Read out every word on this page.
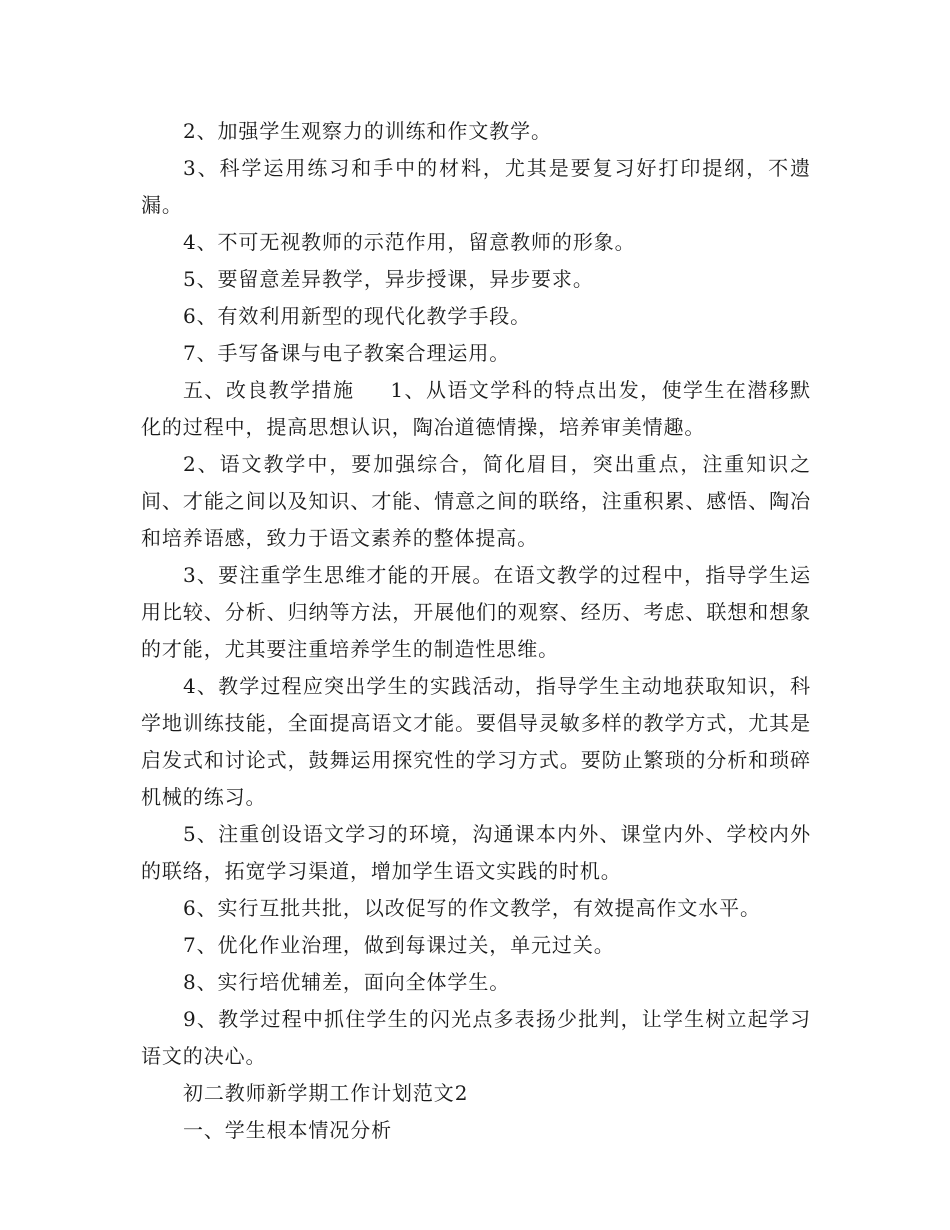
2、加强学生观察力的训练和作文教学。

3、科学运用练习和手中的材料，尤其是要复习好打印提纲，不遗漏。

4、不可无视教师的示范作用，留意教师的形象。

5、要留意差异教学，异步授课，异步要求。

6、有效利用新型的现代化教学手段。

7、手写备课与电子教案合理运用。

五、改良教学措施 1、从语文学科的特点出发，使学生在潜移默化的过程中，提高思想认识，陶冶道德情操，培养审美情趣。

2、语文教学中，要加强综合，简化眉目，突出重点，注重知识之间、才能之间以及知识、才能、情意之间的联络，注重积累、感悟、陶冶和培养语感，致力于语文素养的整体提高。

3、要注重学生思维才能的开展。在语文教学的过程中，指导学生运用比较、分析、归纳等方法，开展他们的观察、经历、考虑、联想和想象的才能，尤其要注重培养学生的制造性思维。

4、教学过程应突出学生的实践活动，指导学生主动地获取知识，科学地训练技能，全面提高语文才能。要倡导灵敏多样的教学方式，尤其是启发式和讨论式，鼓舞运用探究性的学习方式。要防止繁琐的分析和琐碎机械的练习。

5、注重创设语文学习的环境，沟通课本内外、课堂内外、学校内外的联络，拓宽学习渠道，增加学生语文实践的时机。

6、实行互批共批，以改促写的作文教学，有效提高作文水平。

7、优化作业治理，做到每课过关，单元过关。

8、实行培优辅差，面向全体学生。

9、教学过程中抓住学生的闪光点多表扬少批判，让学生树立起学习语文的决心。

初二教师新学期工作计划范文2

一、学生根本情况分析
